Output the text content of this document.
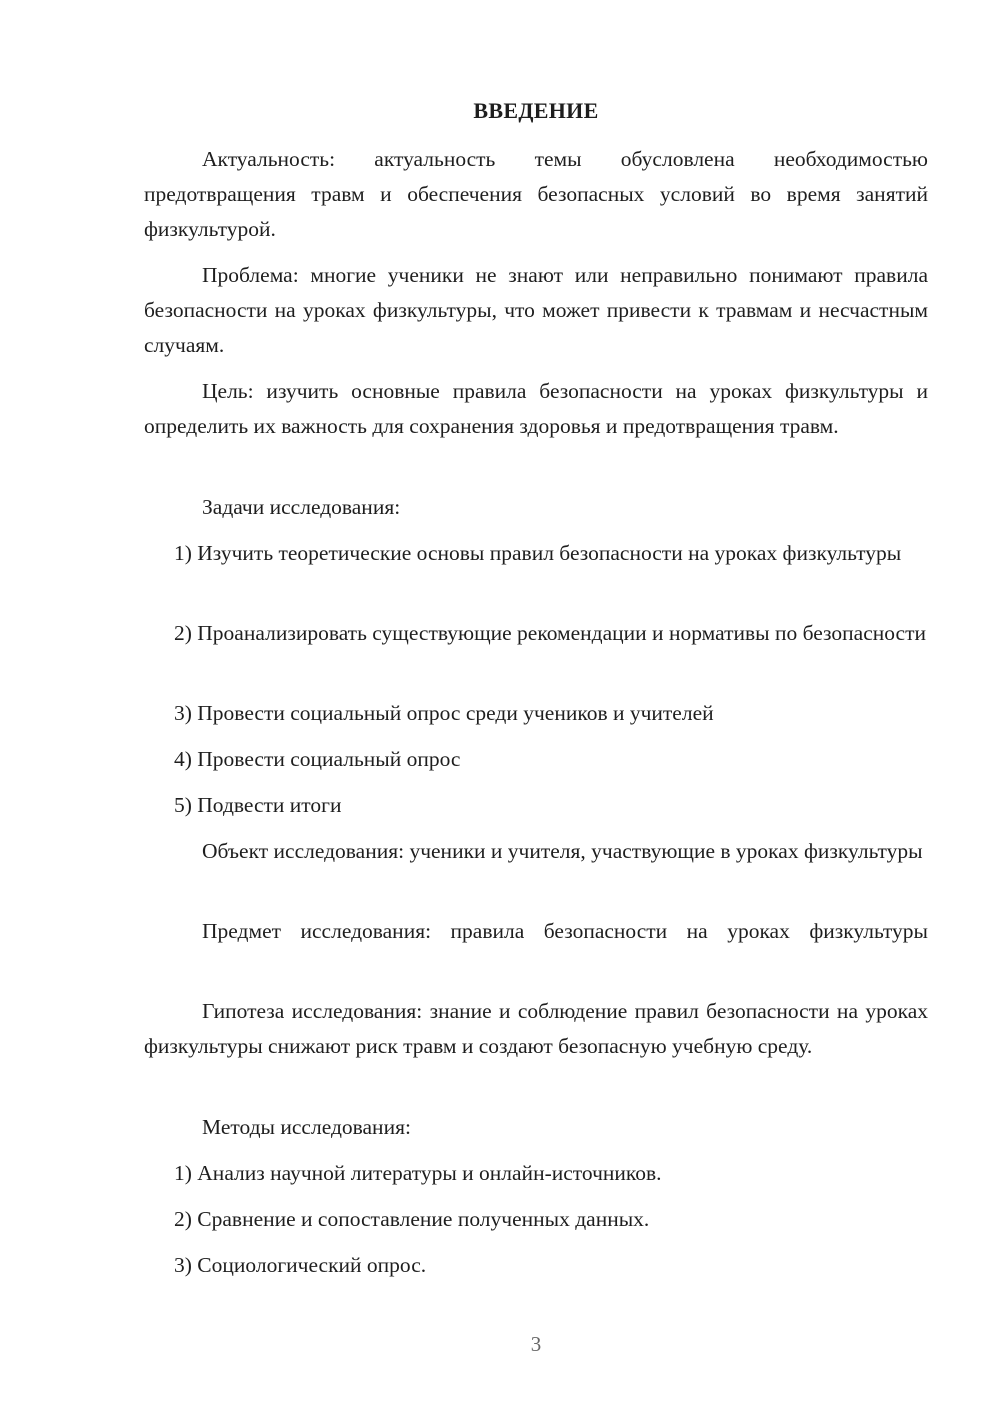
ВВЕДЕНИЕ

Актуальность: актуальность темы обусловлена необходимостью предотвращения травм и обеспечения безопасных условий во время занятий физкультурой.

Проблема: многие ученики не знают или неправильно понимают правила безопасности на уроках физкультуры, что может привести к травмам и несчастным случаям.

Цель: изучить основные правила безопасности на уроках физкультуры и определить их важность для сохранения здоровья и предотвращения травм.

Задачи исследования:

1) Изучить теоретические основы правил безопасности на уроках физкультуры

2) Проанализировать существующие рекомендации и нормативы по безопасности

3) Провести социальный опрос среди учеников и учителей

4) Провести социальный опрос

5) Подвести итоги

Объект исследования: ученики и учителя, участвующие в уроках физкультуры

Предмет исследования: правила безопасности на уроках физкультуры

Гипотеза исследования: знание и соблюдение правил безопасности на уроках физкультуры снижают риск травм и создают безопасную учебную среду.

Методы исследования:

1) Анализ научной литературы и онлайн-источников.

2) Сравнение и сопоставление полученных данных.

3) Социологический опрос.

3
